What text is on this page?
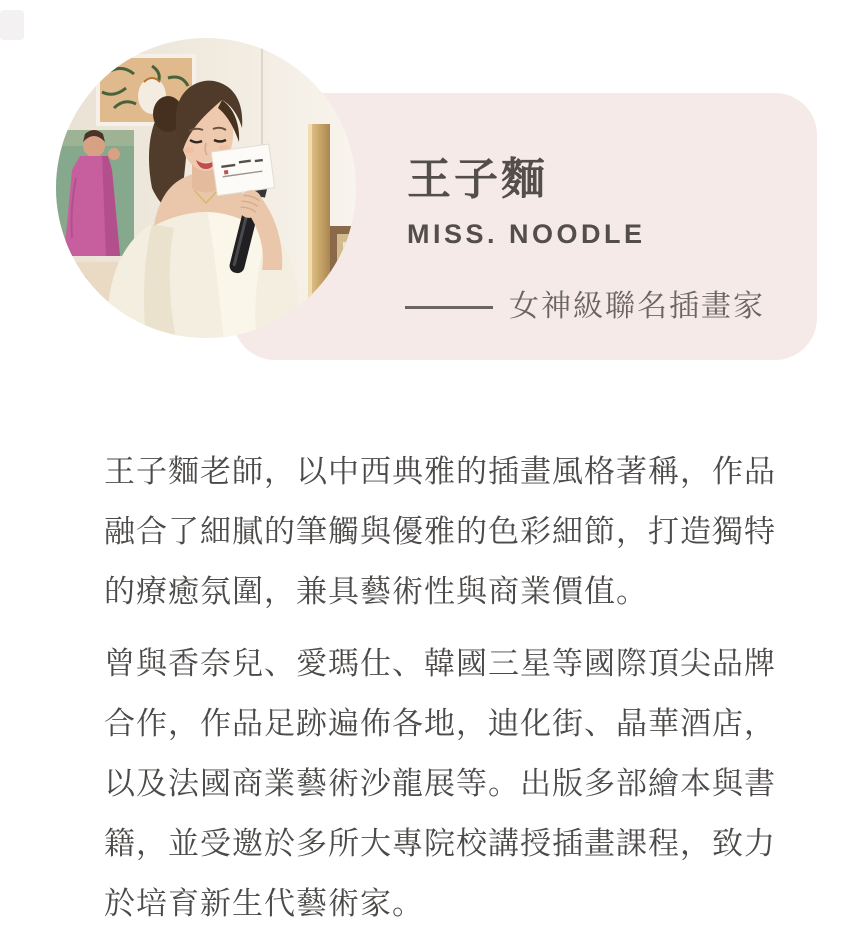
王子麵
MISS. NOODLE
女神級聯名插畫家
王子麵老師，以中西典雅的插畫風格著稱，作品
融合了細膩的筆觸與優雅的色彩細節，打造獨特
的療癒氛圍，兼具藝術性與商業價值。
曾與香奈兒、愛瑪仕、韓國三星等國際頂尖品牌
合作，作品足跡遍佈各地，迪化街、晶華酒店，
以及法國商業藝術沙龍展等。出版多部繪本與書
籍，並受邀於多所大專院校講授插畫課程，致力
於培育新生代藝術家。
